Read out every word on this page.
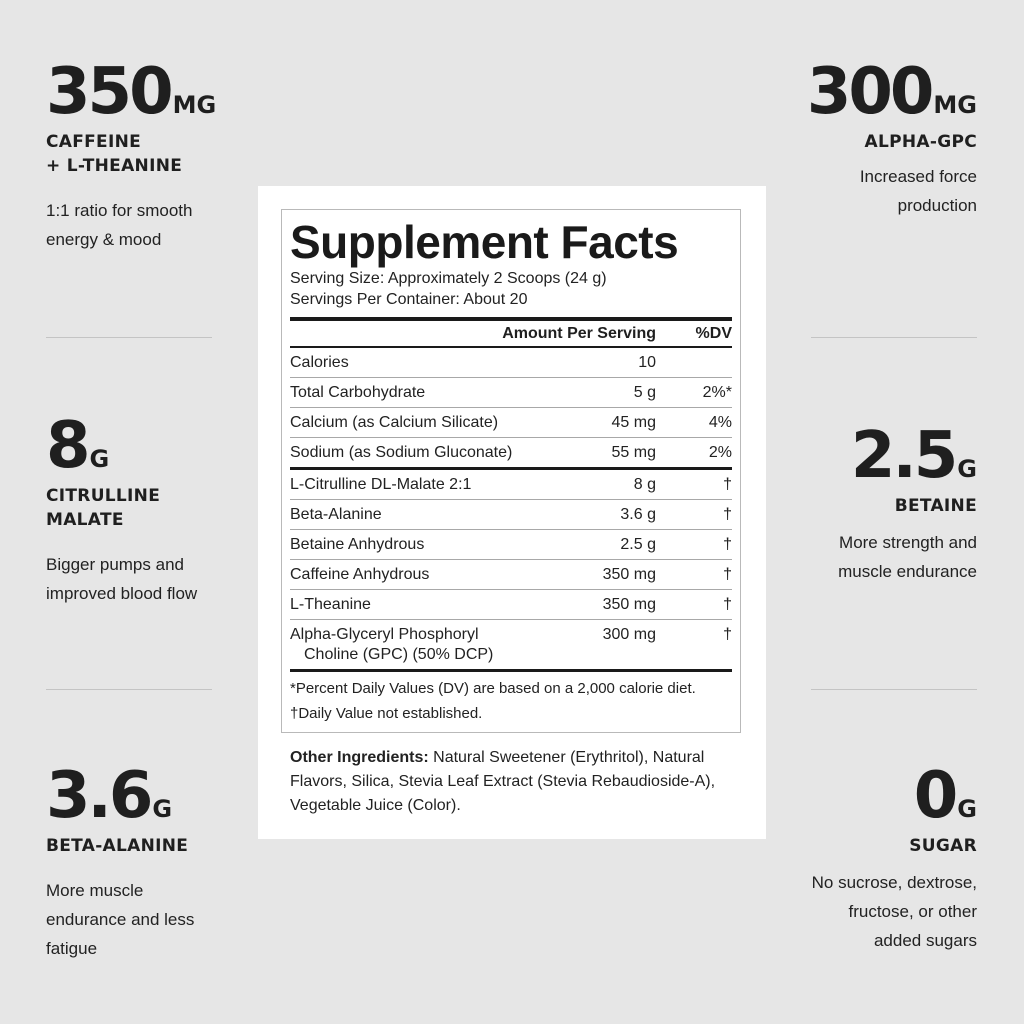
350MG
CAFFEINE
+ L-THEANINE
1:1 ratio for smooth
energy & mood
8G
CITRULLINE
MALATE
Bigger pumps and
improved blood flow
3.6G
BETA-ALANINE
More muscle
endurance and less
fatigue
300MG
ALPHA-GPC
Increased force
production
2.5G
BETAINE
More strength and
muscle endurance
0G
SUGAR
No sucrose, dextrose,
fructose, or other
added sugars
Supplement Facts
Serving Size: Approximately 2 Scoops (24 g)
Servings Per Container: About 20
Amount Per Serving	%DV
Calories	10
Total Carbohydrate	5 g	2%*
Calcium (as Calcium Silicate)	45 mg	4%
Sodium (as Sodium Gluconate)	55 mg	2%
L-Citrulline DL-Malate 2:1	8 g	†
Beta-Alanine	3.6 g	†
Betaine Anhydrous	2.5 g	†
Caffeine Anhydrous	350 mg	†
L-Theanine	350 mg	†
Alpha-Glyceryl Phosphoryl
Choline (GPC) (50% DCP)
300 mg	†
*Percent Daily Values (DV) are based on a 2,000 calorie diet.
†Daily Value not established.
Other Ingredients: Natural Sweetener (Erythritol), Natural Flavors, Silica, Stevia Leaf Extract (Stevia Rebaudioside-A), Vegetable Juice (Color).
